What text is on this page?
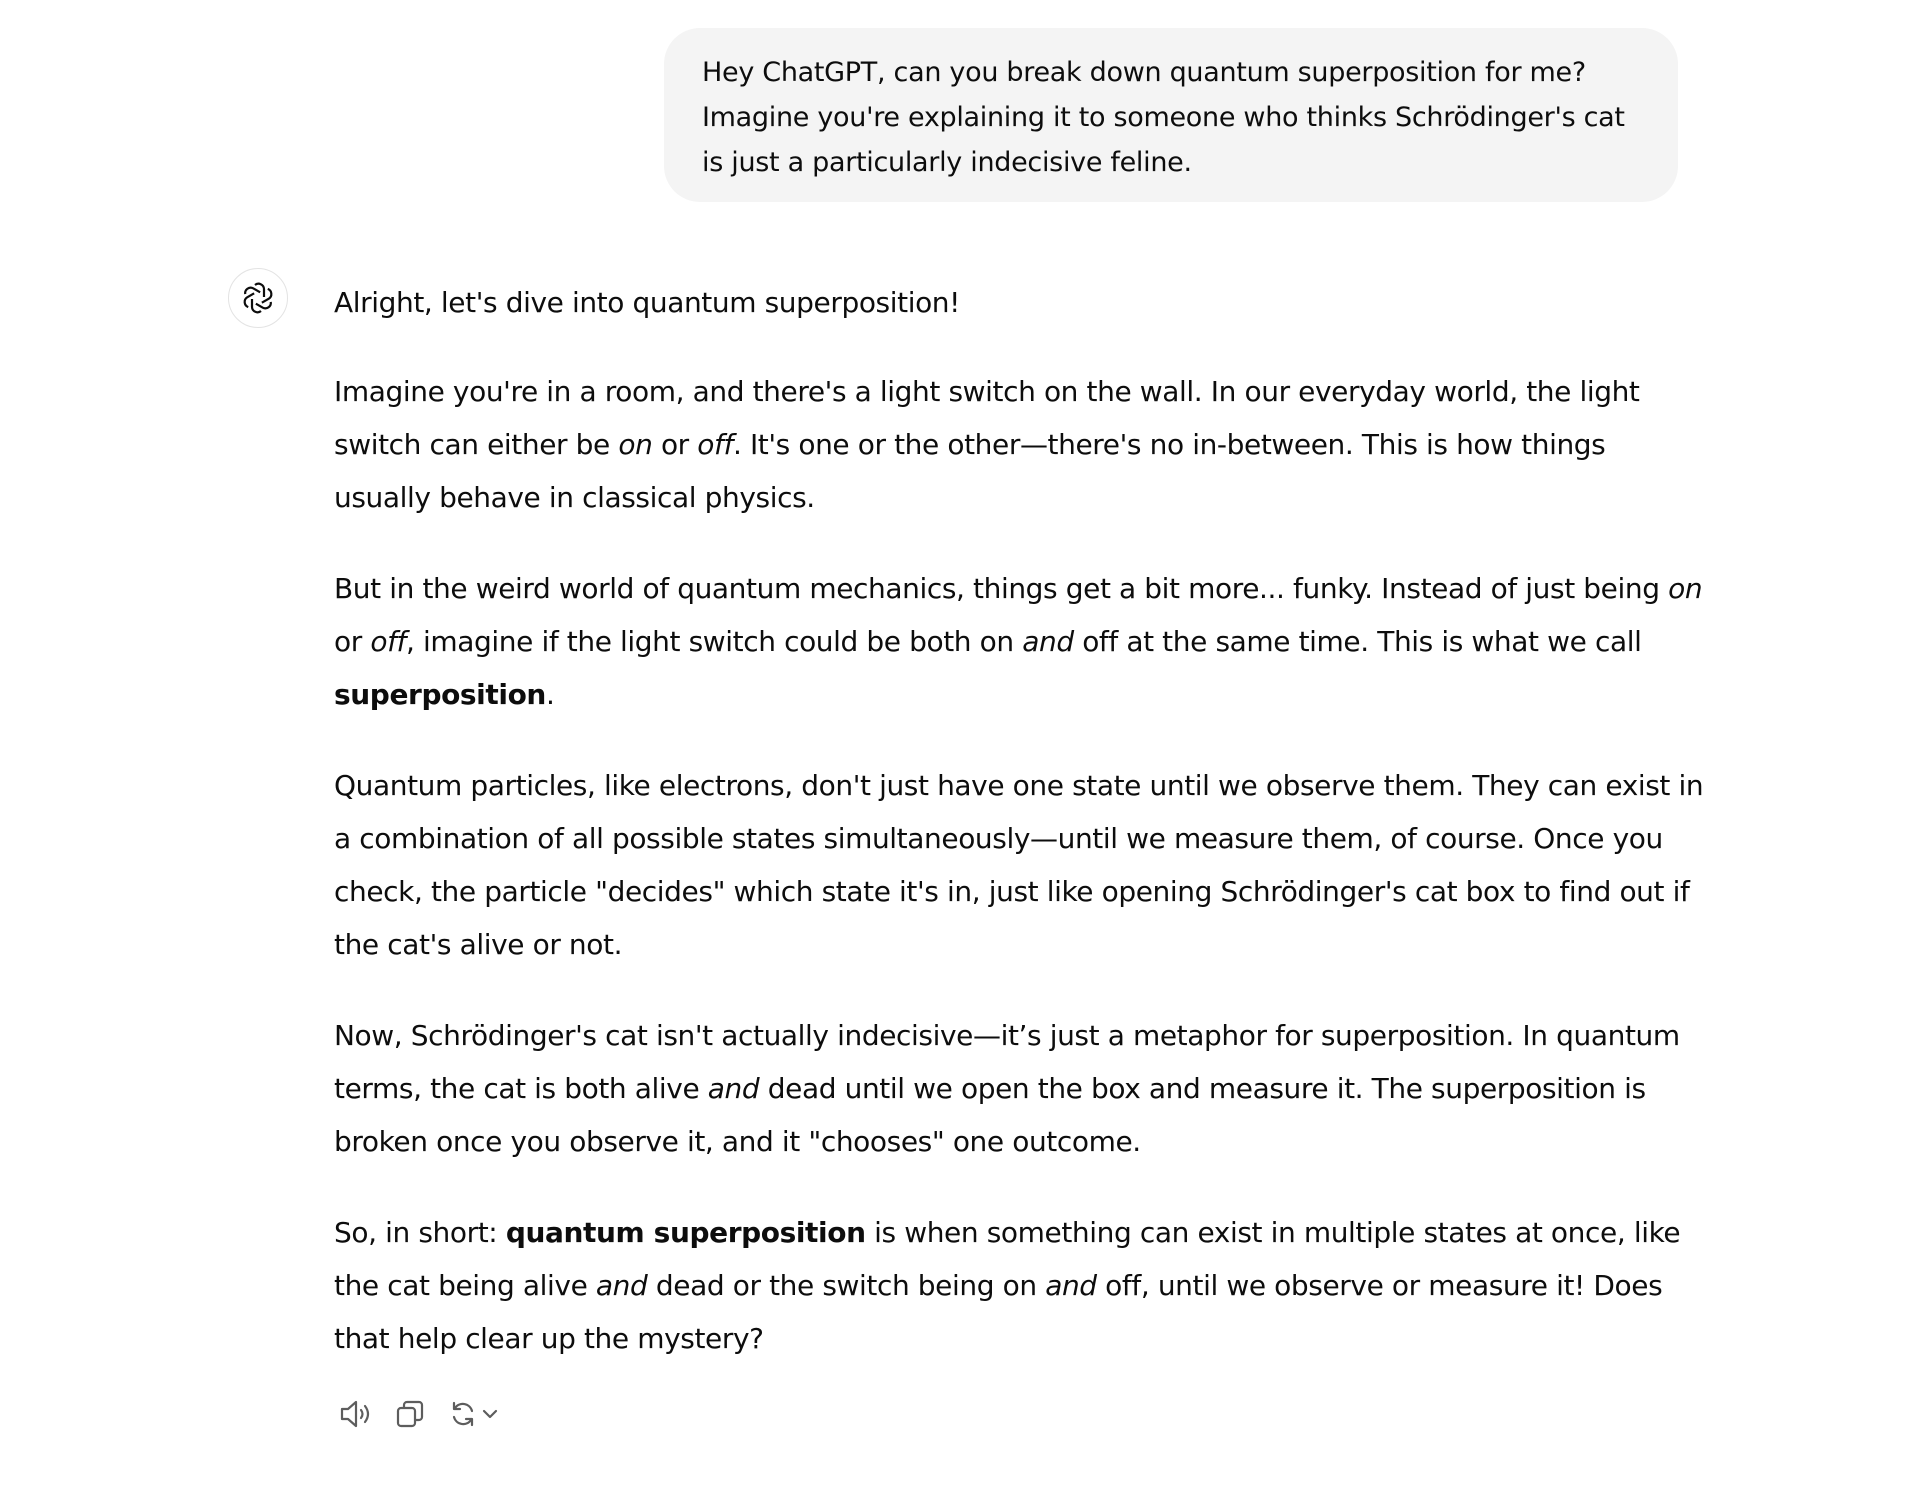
Hey ChatGPT, can you break down quantum superposition for me?
Imagine you're explaining it to someone who thinks Schrödinger's cat
is just a particularly indecisive feline.

Alright, let's dive into quantum superposition!

Imagine you're in a room, and there's a light switch on the wall. In our everyday world, the light switch can either be on or off. It's one or the other—there's no in-between. This is how things usually behave in classical physics.

But in the weird world of quantum mechanics, things get a bit more... funky. Instead of just being on or off, imagine if the light switch could be both on and off at the same time. This is what we call superposition.

Quantum particles, like electrons, don't just have one state until we observe them. They can exist in a combination of all possible states simultaneously—until we measure them, of course. Once you check, the particle "decides" which state it's in, just like opening Schrödinger's cat box to find out if the cat's alive or not.

Now, Schrödinger's cat isn't actually indecisive—it’s just a metaphor for superposition. In quantum terms, the cat is both alive and dead until we open the box and measure it. The superposition is broken once you observe it, and it "chooses" one outcome.

So, in short: quantum superposition is when something can exist in multiple states at once, like the cat being alive and dead or the switch being on and off, until we observe or measure it! Does that help clear up the mystery?
